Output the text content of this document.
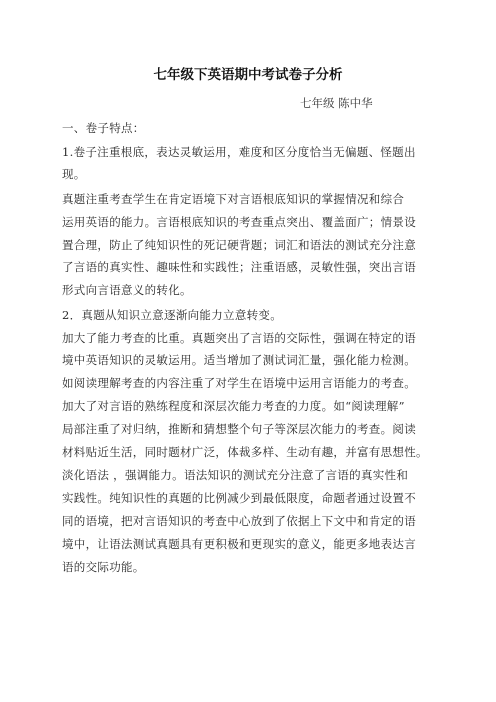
七年级下英语期中考试卷子分析
七年级 陈中华
一、卷子特点：
1.卷子注重根底，表达灵敏运用，难度和区分度恰当无偏题、怪题出
现。
真题注重考查学生在肯定语境下对言语根底知识的掌握情况和综合
运用英语的能力。言语根底知识的考查重点突出、覆盖面广；情景设
置合理，防止了纯知识性的死记硬背题；词汇和语法的测试充分注意
了言语的真实性、趣味性和实践性；注重语感，灵敏性强，突出言语
形式向言语意义的转化。
2．真题从知识立意逐渐向能力立意转变。
加大了能力考查的比重。真题突出了言语的交际性，强调在特定的语
境中英语知识的灵敏运用。适当增加了测试词汇量，强化能力检测。
如阅读理解考查的内容注重了对学生在语境中运用言语能力的考查。
加大了对言语的熟练程度和深层次能力考查的力度。如“阅读理解”
局部注重了对归纳，推断和猜想整个句子等深层次能力的考查。阅读
材料贴近生活，同时题材广泛，体裁多样、生动有趣，并富有思想性。
淡化语法 ，强调能力。语法知识的测试充分注意了言语的真实性和
实践性。纯知识性的真题的比例减少到最低限度，命题者通过设置不
同的语境，把对言语知识的考查中心放到了依据上下文中和肯定的语
境中，让语法测试真题具有更积极和更现实的意义，能更多地表达言
语的交际功能。
